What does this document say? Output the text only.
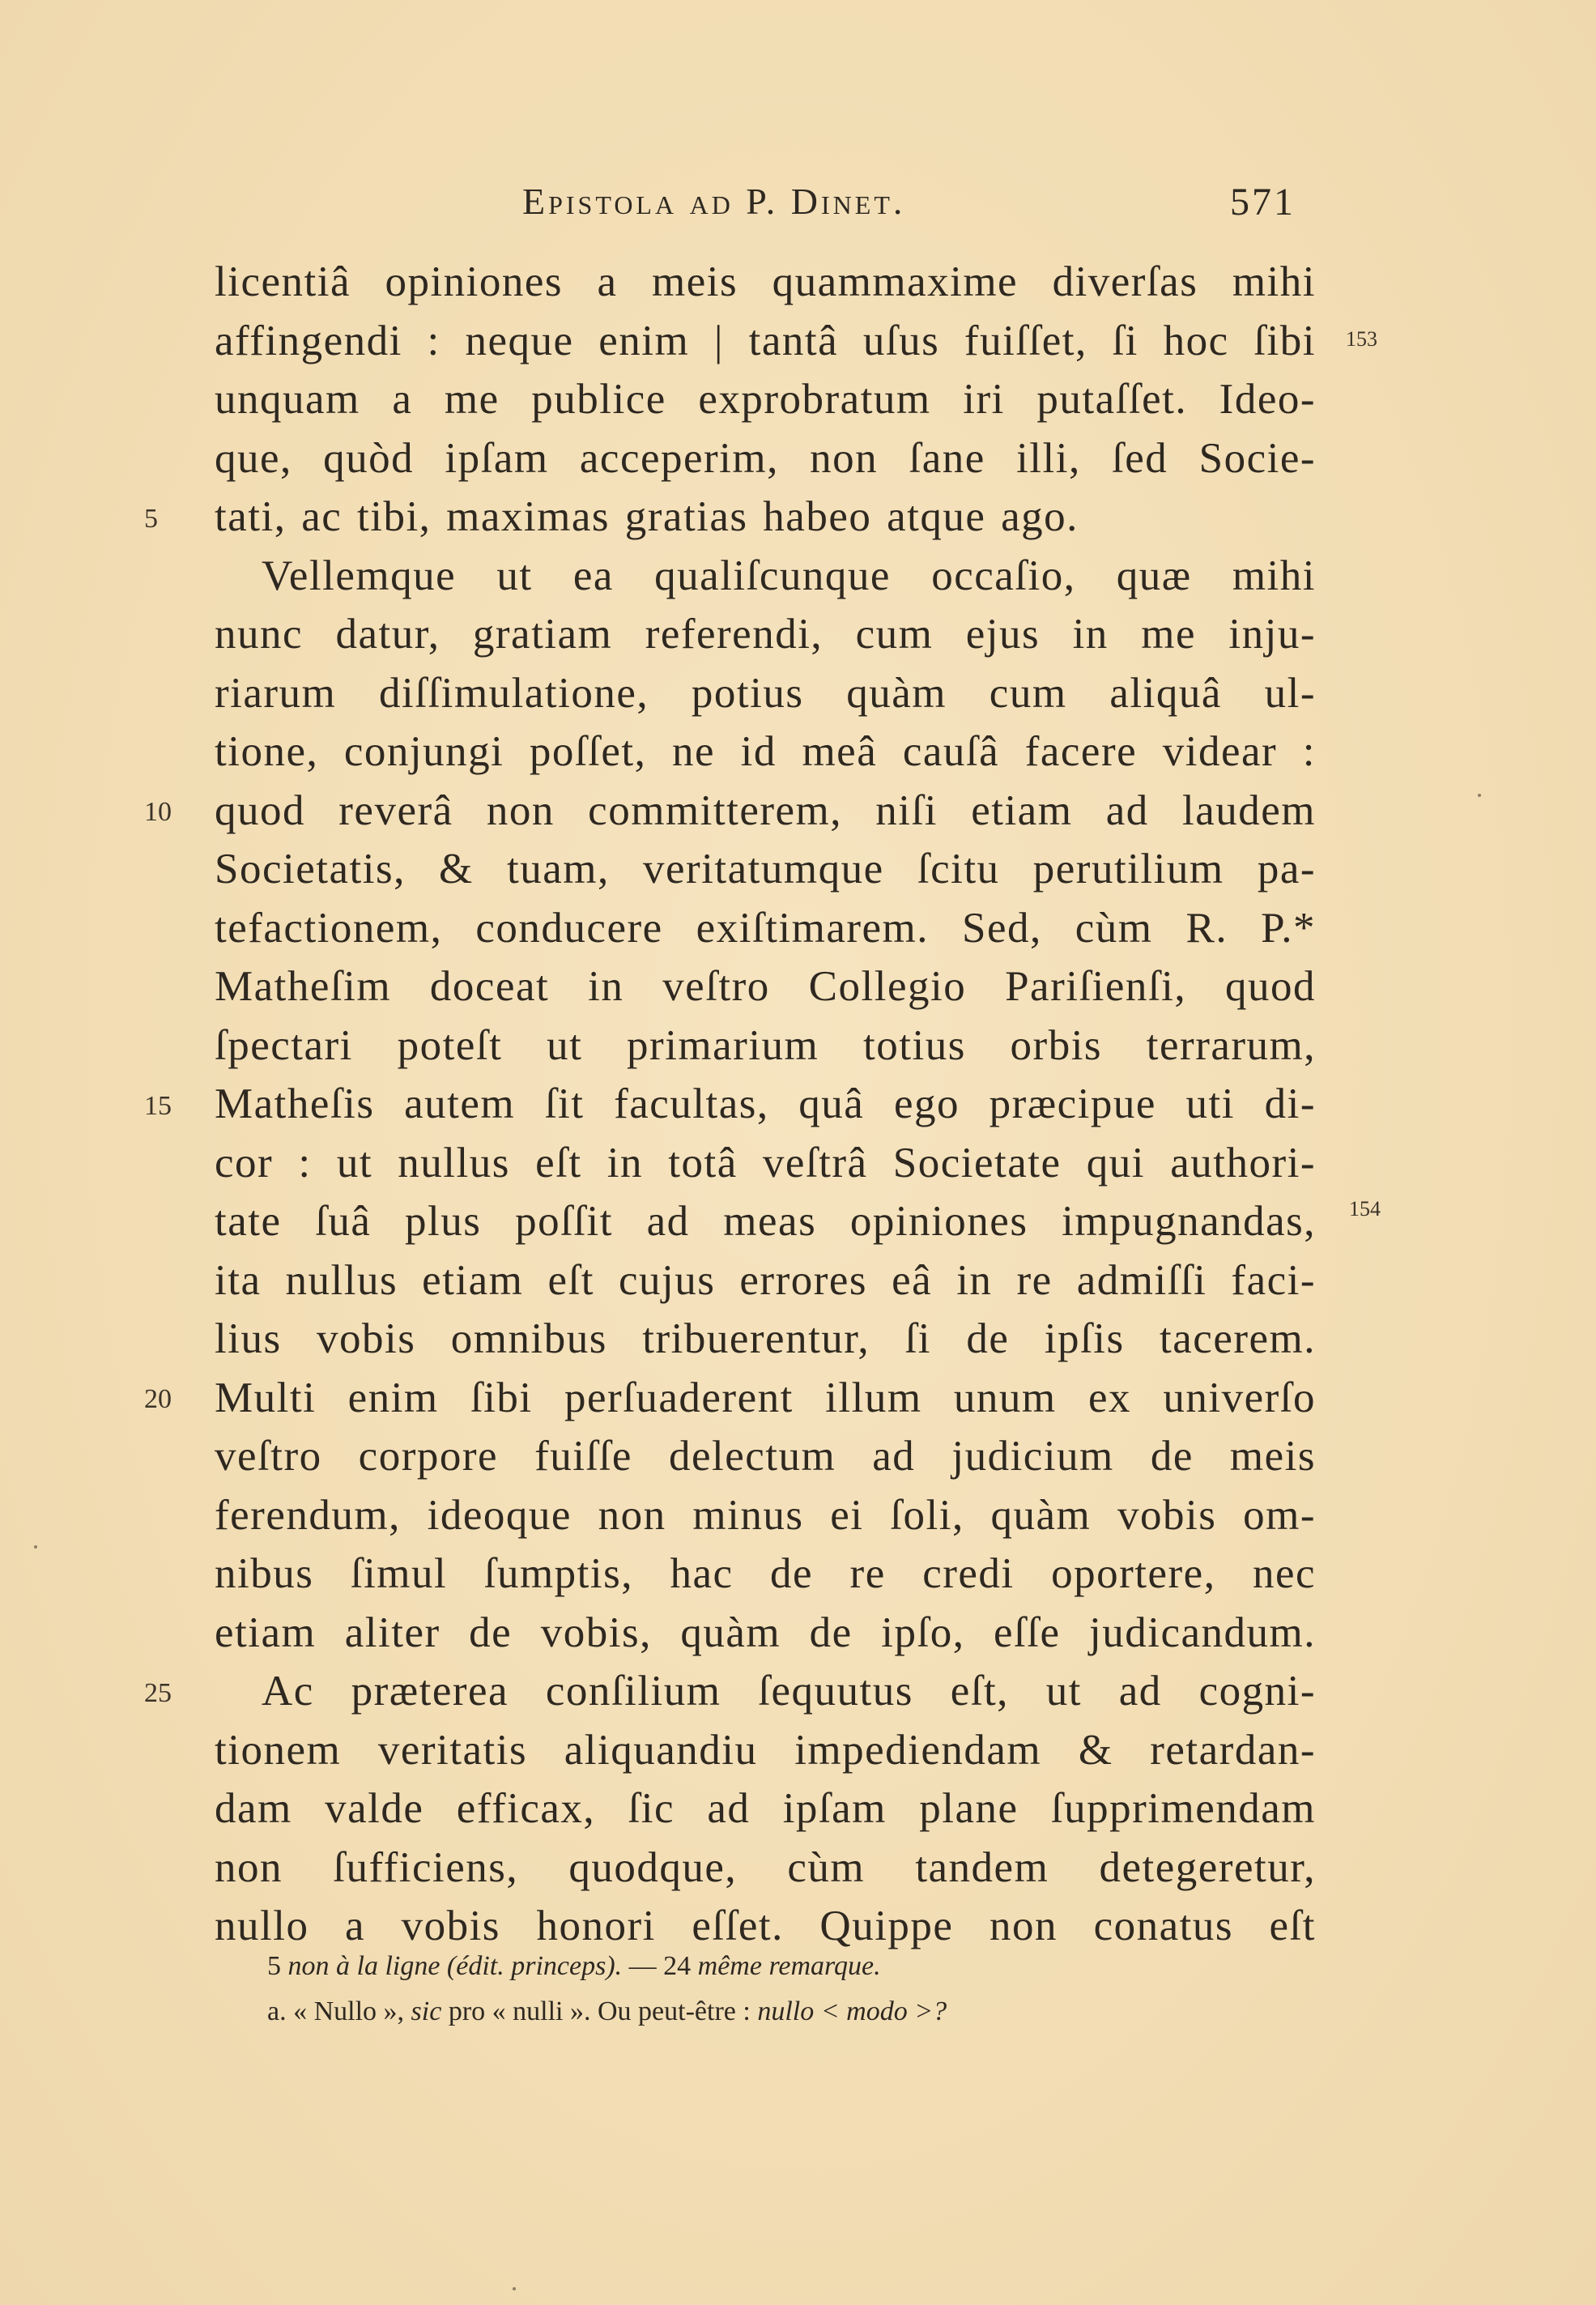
Epistola ad P. Dinet.	571
licentiâ opiniones a meis quammaxime diverſas mihi
affingendi : neque enim | tantâ uſus fuiſſet, ſi hoc ſibi
unquam a me publice exprobratum iri putaſſet. Ideo-
que, quòd ipſam acceperim, non ſane illi, ſed Socie-
tati, ac tibi, maximas gratias habeo atque ago.
Vellemque ut ea qualiſcunque occaſio, quæ mihi
nunc datur, gratiam referendi, cum ejus in me inju-
riarum diſſimulatione, potius quàm cum aliquâ ul-
tione, conjungi poſſet, ne id meâ cauſâ facere videar :
quod reverâ non committerem, niſi etiam ad laudem
Societatis, & tuam, veritatumque ſcitu perutilium pa-
tefactionem, conducere exiſtimarem. Sed, cùm R. P.*
Matheſim doceat in veſtro Collegio Pariſienſi, quod
ſpectari poteſt ut primarium totius orbis terrarum,
Matheſis autem ſit facultas, quâ ego præcipue uti di-
cor : ut nullus eſt in totâ veſtrâ Societate qui authori-
tate ſuâ plus poſſit ad meas opiniones impugnandas,
ita nullus etiam eſt cujus errores eâ in re admiſſi faci-
lius vobis omnibus tribuerentur, ſi de ipſis tacerem.
Multi enim ſibi perſuaderent illum unum ex univerſo
veſtro corpore fuiſſe delectum ad judicium de meis
ferendum, ideoque non minus ei ſoli, quàm vobis om-
nibus ſimul ſumptis, hac de re credi oportere, nec
etiam aliter de vobis, quàm de ipſo, eſſe judicandum.
Ac præterea conſilium ſequutus eſt, ut ad cogni-
tionem veritatis aliquandiu impediendam & retardan-
dam valde efficax, ſic ad ipſam plane ſupprimendam
non ſufficiens, quodque, cùm tandem detegeretur,
nullo a vobis honori eſſet. Quippe non conatus eſt
5
10
15
20
25
153
154
5 non à la ligne (édit. princeps). — 24 même remarque.
a. « Nullo », sic pro « nulli ». Ou peut-être : nullo < modo >?
